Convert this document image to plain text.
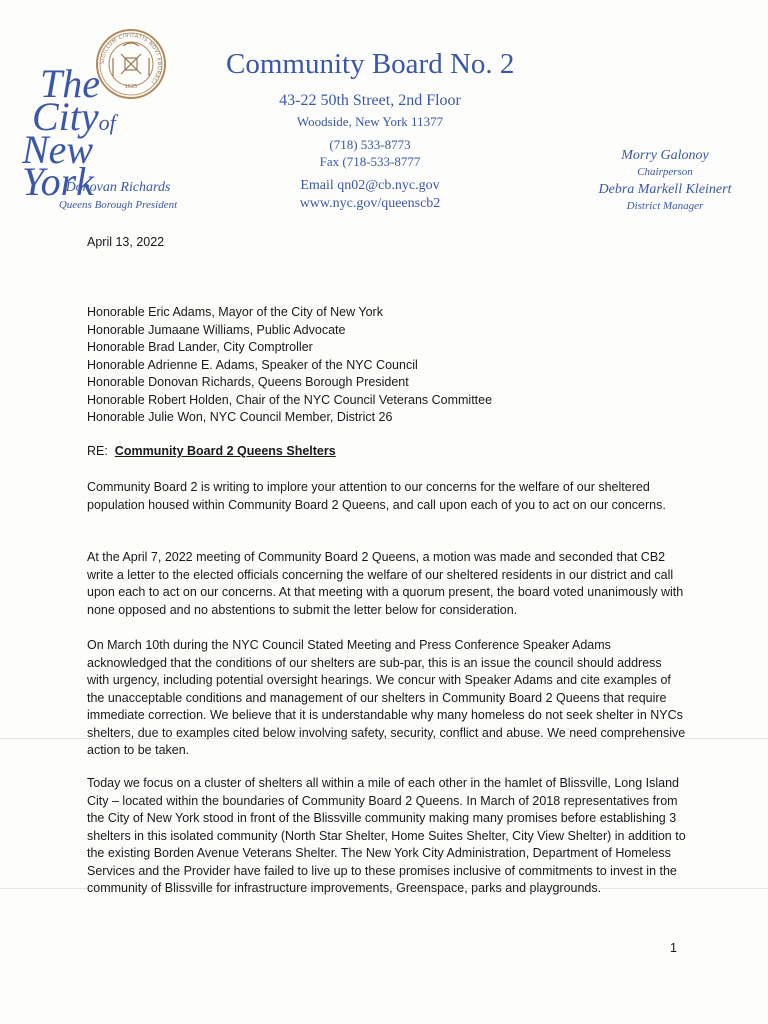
SIGILLUM CIVITATIS NOVI EBORACI
1625
The
Cityof
New York
Donovan Richards
Queens Borough President
Community Board No. 2
43-22 50th Street, 2nd Floor
Woodside, New York 11377
(718) 533-8773
Fax (718-533-8777
Email qn02@cb.nyc.gov
www.nyc.gov/queenscb2
Morry Galonoy
Chairperson
Debra Markell Kleinert
District Manager
April 13, 2022
Honorable Eric Adams, Mayor of the City of New York
Honorable Jumaane Williams, Public Advocate
Honorable Brad Lander, City Comptroller
Honorable Adrienne E. Adams, Speaker of the NYC Council
Honorable Donovan Richards, Queens Borough President
Honorable Robert Holden, Chair of the NYC Council Veterans Committee
Honorable Julie Won, NYC Council Member, District 26
RE: Community Board 2 Queens Shelters
Community Board 2 is writing to implore your attention to our concerns for the welfare of our sheltered population housed within Community Board 2 Queens, and call upon each of you to act on our concerns.
At the April 7, 2022 meeting of Community Board 2 Queens, a motion was made and seconded that CB2 write a letter to the elected officials concerning the welfare of our sheltered residents in our district and call upon each to act on our concerns. At that meeting with a quorum present, the board voted unanimously with none opposed and no abstentions to submit the letter below for consideration.
On March 10th during the NYC Council Stated Meeting and Press Conference Speaker Adams acknowledged that the conditions of our shelters are sub-par, this is an issue the council should address with urgency, including potential oversight hearings. We concur with Speaker Adams and cite examples of the unacceptable conditions and management of our shelters in Community Board 2 Queens that require immediate correction. We believe that it is understandable why many homeless do not seek shelter in NYCs shelters, due to examples cited below involving safety, security, conflict and abuse. We need comprehensive action to be taken.
Today we focus on a cluster of shelters all within a mile of each other in the hamlet of Blissville, Long Island City – located within the boundaries of Community Board 2 Queens. In March of 2018 representatives from the City of New York stood in front of the Blissville community making many promises before establishing 3 shelters in this isolated community (North Star Shelter, Home Suites Shelter, City View Shelter) in addition to the existing Borden Avenue Veterans Shelter. The New York City Administration, Department of Homeless Services and the Provider have failed to live up to these promises inclusive of commitments to invest in the community of Blissville for infrastructure improvements, Greenspace, parks and playgrounds.
1
